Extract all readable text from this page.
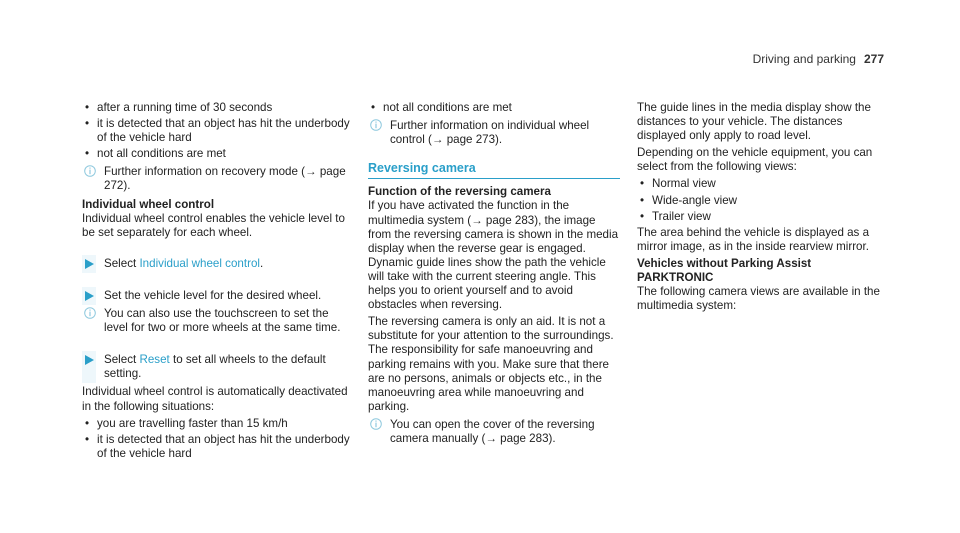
Driving and parking 277
• after a running time of 30 seconds
• it is detected that an object has hit the underbody of the vehicle hard
• not all conditions are met
Further information on recovery mode (→ page 272).
Individual wheel control
Individual wheel control enables the vehicle level to be set separately for each wheel.
Select Individual wheel control.
Set the vehicle level for the desired wheel.
You can also use the touchscreen to set the level for two or more wheels at the same time.
Select Reset to set all wheels to the default setting.
Individual wheel control is automatically deactivated in the following situations:
• you are travelling faster than 15 km/h
• it is detected that an object has hit the underbody of the vehicle hard
• not all conditions are met
Further information on individual wheel control (→ page 273).
Reversing camera
Function of the reversing camera
If you have activated the function in the multimedia system (→ page 283), the image from the reversing camera is shown in the media display when the reverse gear is engaged. Dynamic guide lines show the path the vehicle will take with the current steering angle. This helps you to orient yourself and to avoid obstacles when reversing.
The reversing camera is only an aid. It is not a substitute for your attention to the surroundings. The responsibility for safe manoeuvring and parking remains with you. Make sure that there are no persons, animals or objects etc., in the manoeuvring area while manoeuvring and parking.
You can open the cover of the reversing camera manually (→ page 283).
The guide lines in the media display show the distances to your vehicle. The distances displayed only apply to road level.
Depending on the vehicle equipment, you can select from the following views:
• Normal view
• Wide-angle view
• Trailer view
The area behind the vehicle is displayed as a mirror image, as in the inside rearview mirror.
Vehicles without Parking Assist PARKTRONIC
The following camera views are available in the multimedia system:
